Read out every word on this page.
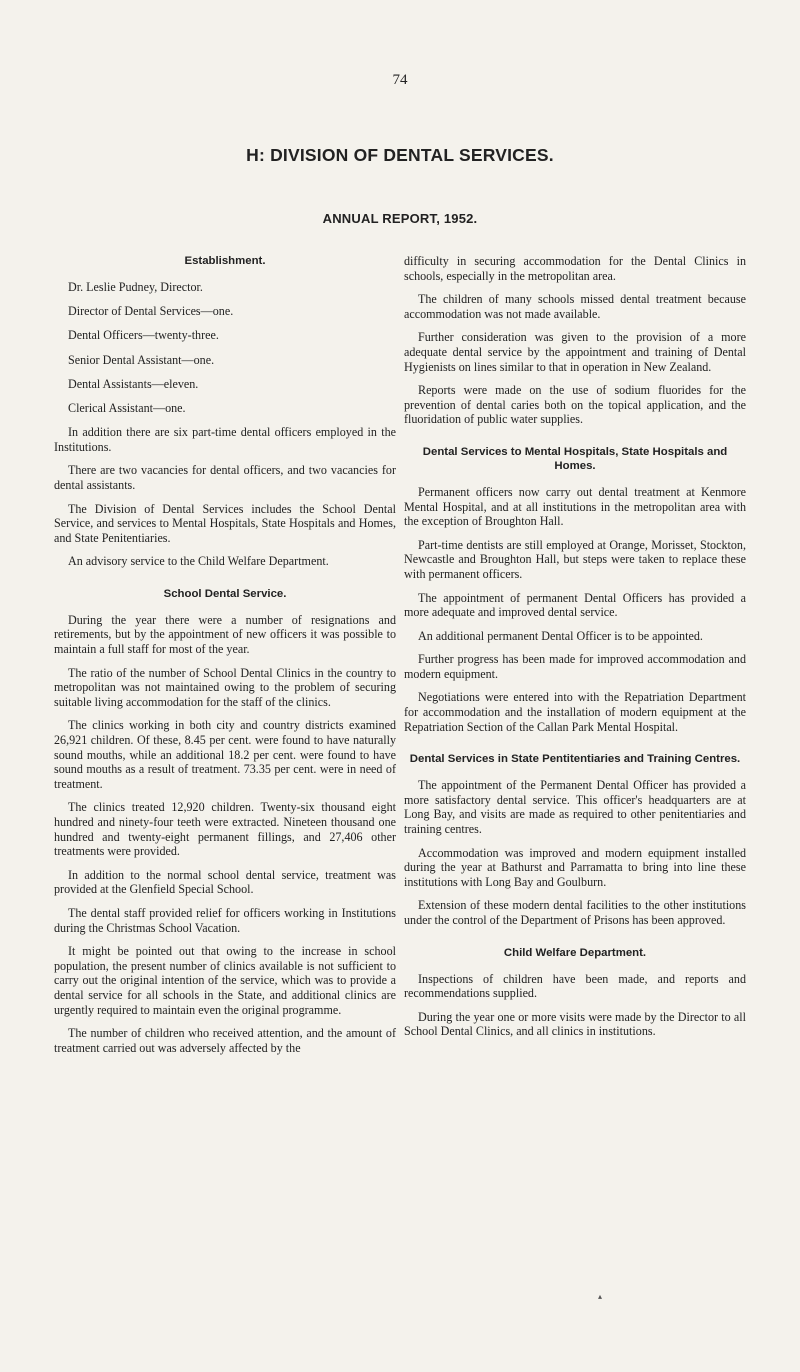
74
H: DIVISION OF DENTAL SERVICES.
ANNUAL REPORT, 1952.
Establishment.

Dr. Leslie Pudney, Director.

Director of Dental Services—one.

Dental Officers—twenty-three.

Senior Dental Assistant—one.

Dental Assistants—eleven.

Clerical Assistant—one.

In addition there are six part-time dental officers employed in the Institutions.

There are two vacancies for dental officers, and two vacancies for dental assistants.

The Division of Dental Services includes the School Dental Service, and services to Mental Hospitals, State Hospitals and Homes, and State Penitentiaries.

An advisory service to the Child Welfare Department.

School Dental Service.

During the year there were a number of resignations and retirements, but by the appointment of new officers it was possible to maintain a full staff for most of the year.

The ratio of the number of School Dental Clinics in the country to metropolitan was not maintained owing to the problem of securing suitable living accommodation for the staff of the clinics.

The clinics working in both city and country districts examined 26,921 children. Of these, 8.45 per cent. were found to have naturally sound mouths, while an additional 18.2 per cent. were found to have sound mouths as a result of treatment. 73.35 per cent. were in need of treatment.

The clinics treated 12,920 children. Twenty-six thousand eight hundred and ninety-four teeth were extracted. Nineteen thousand one hundred and twenty-eight permanent fillings, and 27,406 other treatments were provided.

In addition to the normal school dental service, treatment was provided at the Glenfield Special School.

The dental staff provided relief for officers working in Institutions during the Christmas School Vacation.

It might be pointed out that owing to the increase in school population, the present number of clinics available is not sufficient to carry out the original intention of the service, which was to provide a dental service for all schools in the State, and additional clinics are urgently required to maintain even the original programme.

The number of children who received attention, and the amount of treatment carried out was adversely affected by the

difficulty in securing accommodation for the Dental Clinics in schools, especially in the metropolitan area.

The children of many schools missed dental treatment because accommodation was not made available.

Further consideration was given to the provision of a more adequate dental service by the appointment and training of Dental Hygienists on lines similar to that in operation in New Zealand.

Reports were made on the use of sodium fluorides for the prevention of dental caries both on the topical application, and the fluoridation of public water supplies.

Dental Services to Mental Hospitals, State Hospitals and Homes.

Permanent officers now carry out dental treatment at Kenmore Mental Hospital, and at all institutions in the metropolitan area with the exception of Broughton Hall.

Part-time dentists are still employed at Orange, Morisset, Stockton, Newcastle and Broughton Hall, but steps were taken to replace these with permanent officers.

The appointment of permanent Dental Officers has provided a more adequate and improved dental service.

An additional permanent Dental Officer is to be appointed.

Further progress has been made for improved accommodation and modern equipment.

Negotiations were entered into with the Repatriation Department for accommodation and the installation of modern equipment at the Repatriation Section of the Callan Park Mental Hospital.

Dental Services in State Pentitentiaries and Training Centres.

The appointment of the Permanent Dental Officer has provided a more satisfactory dental service. This officer's headquarters are at Long Bay, and visits are made as required to other penitentiaries and training centres.

Accommodation was improved and modern equipment installed during the year at Bathurst and Parramatta to bring into line these institutions with Long Bay and Goulburn.

Extension of these modern dental facilities to the other institutions under the control of the Department of Prisons has been approved.

Child Welfare Department.

Inspections of children have been made, and reports and recommendations supplied.

During the year one or more visits were made by the Director to all School Dental Clinics, and all clinics in institutions.

▴
